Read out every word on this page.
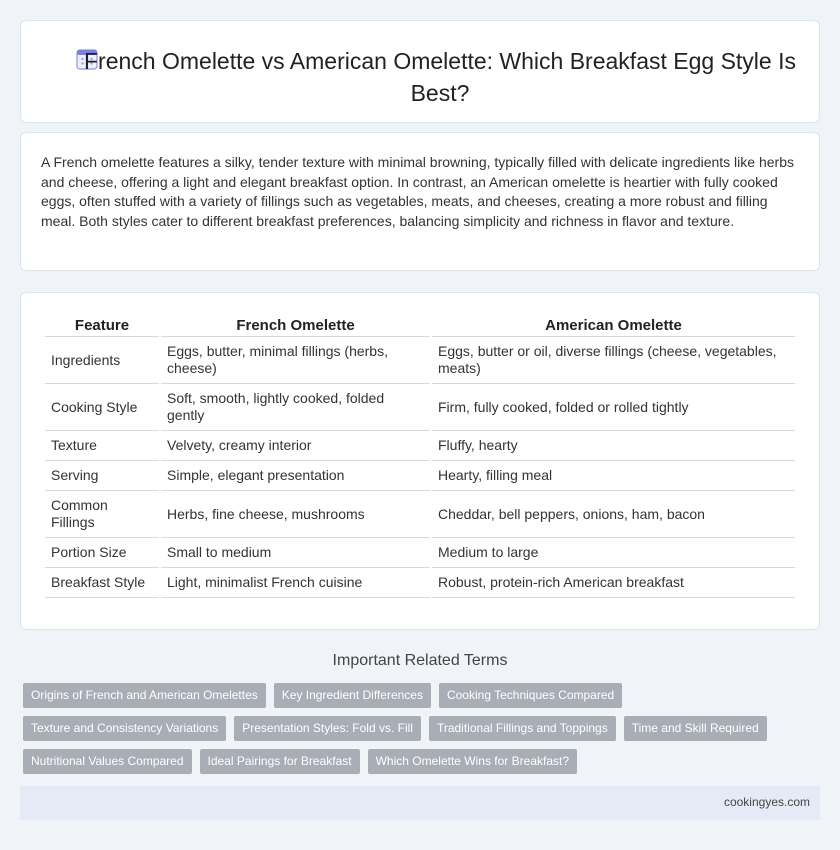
French Omelette vs American Omelette: Which Breakfast Egg Style Is Best?

A French omelette features a silky, tender texture with minimal browning, typically filled with delicate ingredients like herbs and cheese, offering a light and elegant breakfast option. In contrast, an American omelette is heartier with fully cooked eggs, often stuffed with a variety of fillings such as vegetables, meats, and cheeses, creating a more robust and filling meal. Both styles cater to different breakfast preferences, balancing simplicity and richness in flavor and texture.

Feature	French Omelette	American Omelette
Ingredients	Eggs, butter, minimal fillings (herbs, cheese)	Eggs, butter or oil, diverse fillings (cheese, vegetables, meats)
Cooking Style	Soft, smooth, lightly cooked, folded gently	Firm, fully cooked, folded or rolled tightly
Texture	Velvety, creamy interior	Fluffy, hearty
Serving	Simple, elegant presentation	Hearty, filling meal
Common Fillings	Herbs, fine cheese, mushrooms	Cheddar, bell peppers, onions, ham, bacon
Portion Size	Small to medium	Medium to large
Breakfast Style	Light, minimalist French cuisine	Robust, protein-rich American breakfast
Important Related Terms
Origins of French and American Omelettes	Key Ingredient Differences	Cooking Techniques Compared
Texture and Consistency Variations	Presentation Styles: Fold vs. Fill	Traditional Fillings and Toppings	Time and Skill Required
Nutritional Values Compared	Ideal Pairings for Breakfast	Which Omelette Wins for Breakfast?
cookingyes.com
